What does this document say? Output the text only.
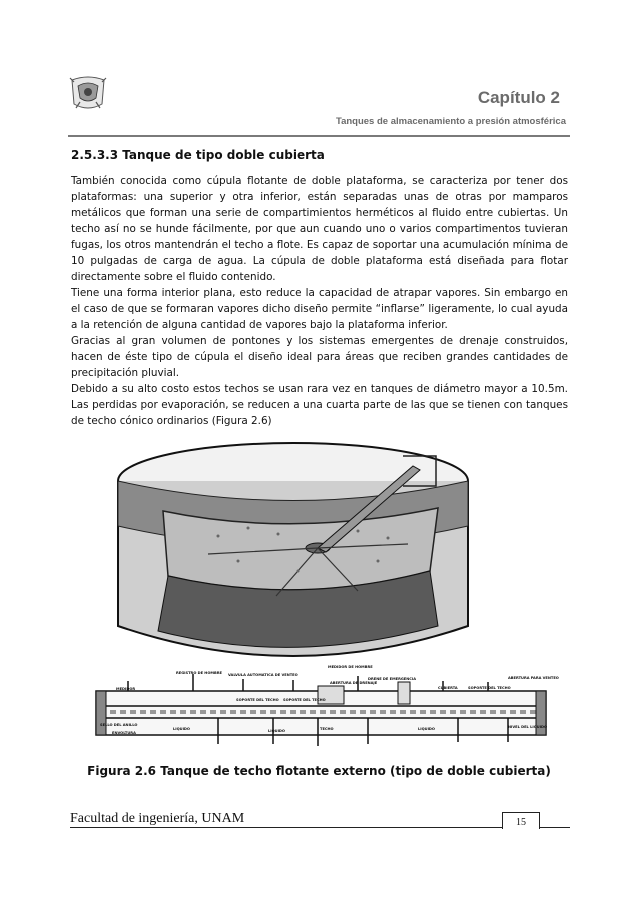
Capítulo 2
Tanques de almacenamiento a presión atmosférica
2.5.3.3 Tanque de tipo doble cubierta

También conocida como cúpula flotante de doble plataforma, se caracteriza por tener dos plataformas: una superior y otra inferior, están separadas unas de otras por mamparos metálicos que forman una serie de compartimientos herméticos al fluido entre cubiertas. Un techo así no se hunde fácilmente, por que aun cuando uno o varios compartimentos tuvieran fugas, los otros mantendrán el techo a flote. Es capaz de soportar una acumulación mínima de 10 pulgadas de carga de agua. La cúpula de doble plataforma está diseñada para flotar directamente sobre el fluido contenido.

Tiene una forma interior plana, esto reduce la capacidad de atrapar vapores. Sin embargo en el caso de que se formaran vapores dicho diseño permite “inflarse” ligeramente, lo cual ayuda a la retención de alguna cantidad de vapores bajo la plataforma inferior.

Gracias al gran volumen de pontones y los sistemas emergentes de drenaje construidos, hacen de éste tipo de cúpula el diseño ideal para áreas que reciben grandes cantidades de precipitación pluvial.

Debido a su alto costo estos techos se usan rara vez en tanques de diámetro mayor a 10.5m. Las perdidas por evaporación, se reducen a una cuarta parte de las que se tienen con tanques de techo cónico ordinarios (Figura 2.6)

MEDIDOR
REGISTRO DE HOMBRE VALVULA AUTOMATICA DE VENTEO
MEDIDOR DE HOMBRE
ABERTURA DE DRENAJE
DRENE DE EMERGENCIA
SOPORTE DEL TECHO SOPORTE DEL TECHO
SOPORTE DEL TECHO
CUBIERTA
ABERTURA PARA VENTEO
SELLO DEL ANILLO
ENVOLTURA
LIQUIDO	TECHO	LIQUIDO
LIQUIDO
NIVEL DEL LIQUIDO
Figura 2.6 Tanque de techo flotante externo (tipo de doble cubierta)
Facultad de ingeniería, UNAM	15
